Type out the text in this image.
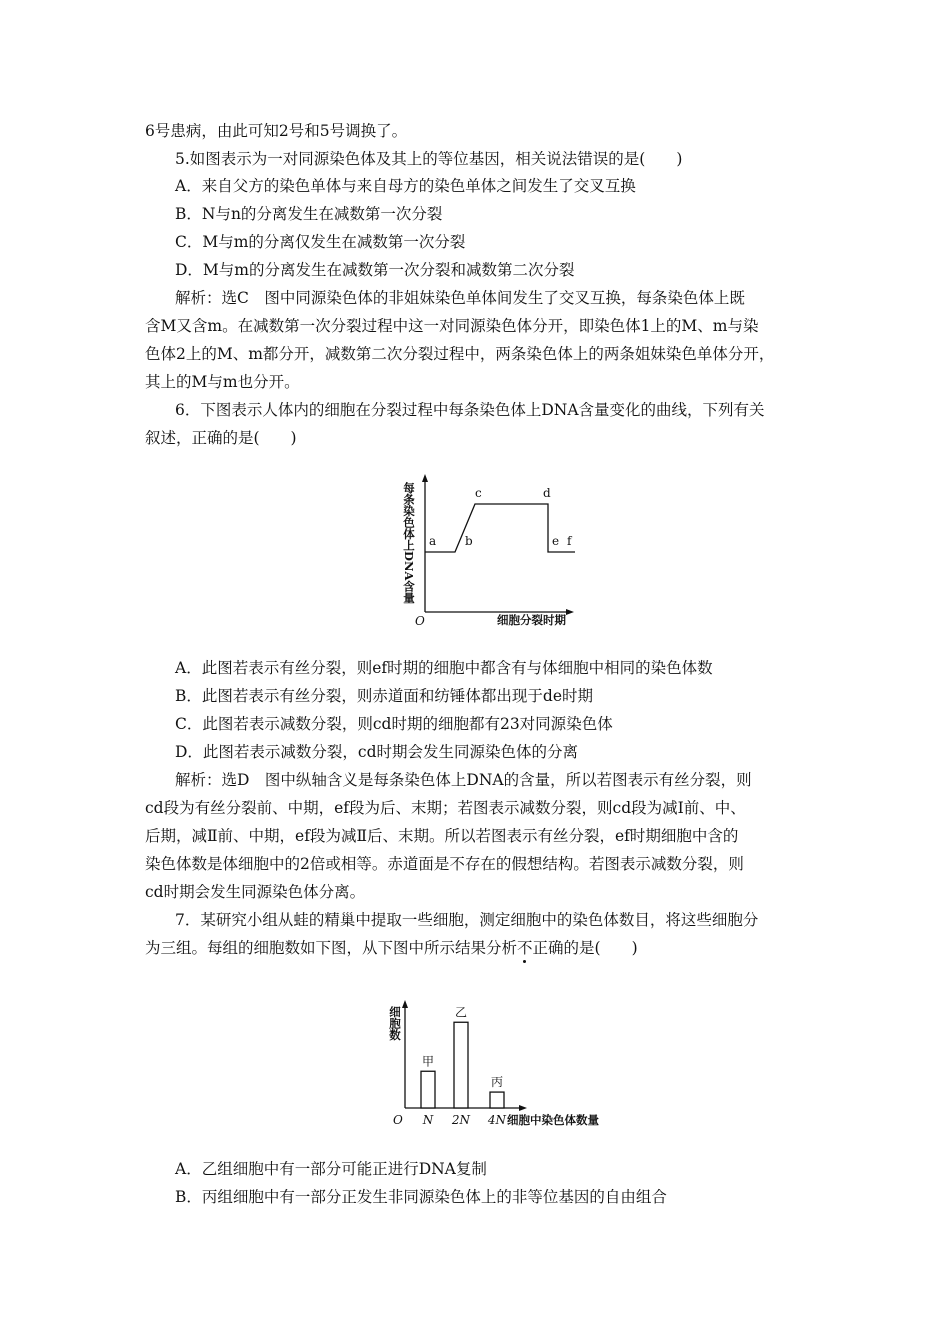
6号患病，由此可知2号和5号调换了。
5.如图表示为一对同源染色体及其上的等位基因，相关说法错误的是(　　)
A．来自父方的染色单体与来自母方的染色单体之间发生了交叉互换
B．N与n的分离发生在减数第一次分裂
C．M与m的分离仅发生在减数第一次分裂
D．M与m的分离发生在减数第一次分裂和减数第二次分裂
解析：选C　图中同源染色体的非姐妹染色单体间发生了交叉互换，每条染色体上既
含M又含m。在减数第一次分裂过程中这一对同源染色体分开，即染色体1上的M、m与染
色体2上的M、m都分开，减数第二次分裂过程中，两条染色体上的两条姐妹染色单体分开，
其上的M与m也分开。
6．下图表示人体内的细胞在分裂过程中每条染色体上DNA含量变化的曲线，下列有关
叙述，正确的是(　　)
每条染色体上DNA含量
O
a b
c	d
e f
细胞分裂时期
A．此图若表示有丝分裂，则ef时期的细胞中都含有与体细胞中相同的染色体数
B．此图若表示有丝分裂，则赤道面和纺锤体都出现于de时期
C．此图若表示减数分裂，则cd时期的细胞都有23对同源染色体
D．此图若表示减数分裂，cd时期会发生同源染色体的分离
解析：选D　图中纵轴含义是每条染色体上DNA的含量，所以若图表示有丝分裂，则
cd段为有丝分裂前、中期，ef段为后、末期；若图表示减数分裂，则cd段为减Ⅰ前、中、
后期，减Ⅱ前、中期，ef段为减Ⅱ后、末期。所以若图表示有丝分裂，ef时期细胞中含的
染色体数是体细胞中的2倍或相等。赤道面是不存在的假想结构。若图表示减数分裂，则
cd时期会发生同源染色体分离。
7．某研究小组从蛙的精巢中提取一些细胞，测定细胞中的染色体数目，将这些细胞分
为三组。每组的细胞数如下图，从下图中所示结果分析不正确的是(　　)
细胞数
O
甲
N
乙
2N
丙
4N 细胞中染色体数量
A．乙组细胞中有一部分可能正进行DNA复制
B．丙组细胞中有一部分正发生非同源染色体上的非等位基因的自由组合
